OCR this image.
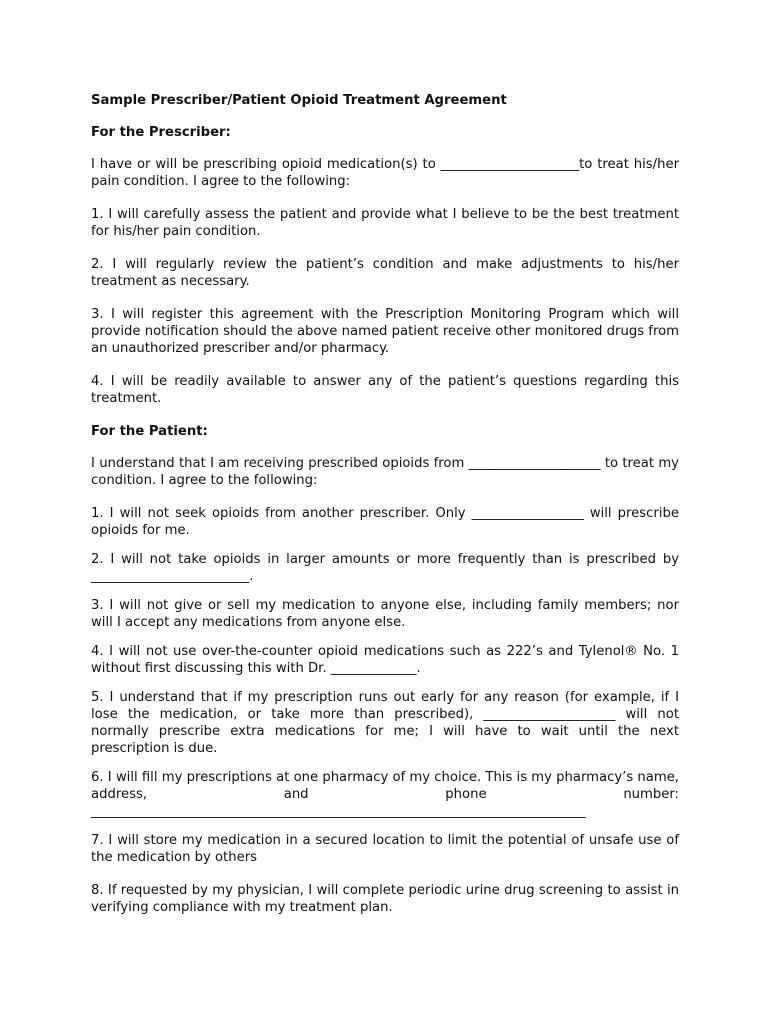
Sample Prescriber/Patient Opioid Treatment Agreement
For the Prescriber:

I have or will be prescribing opioid medication(s) to _____________________to treat his/her pain condition. I agree to the following:

1. I will carefully assess the patient and provide what I believe to be the best treatment for his/her pain condition.

2. I will regularly review the patient’s condition and make adjustments to his/her treatment as necessary.

3. I will register this agreement with the Prescription Monitoring Program which will provide notification should the above named patient receive other monitored drugs from an unauthorized prescriber and/or pharmacy.

4. I will be readily available to answer any of the patient’s questions regarding this treatment.

For the Patient:

I understand that I am receiving prescribed opioids from ____________________ to treat my condition. I agree to the following:

1. I will not seek opioids from another prescriber. Only _________________ will prescribe opioids for me.

2. I will not take opioids in larger amounts or more frequently than is prescribed by ________________________.

3. I will not give or sell my medication to anyone else, including family members; nor will I accept any medications from anyone else.

4. I will not use over-the-counter opioid medications such as 222’s and Tylenol® No. 1 without first discussing this with Dr. _____________.

5. I understand that if my prescription runs out early for any reason (for example, if I lose the medication, or take more than prescribed), ____________________ will not normally prescribe extra medications for me; I will have to wait until the next prescription is due.

6. I will fill my prescriptions at one pharmacy of my choice. This is my pharmacy’s name, address, and phone number: ___________________________________________________________________________

7. I will store my medication in a secured location to limit the potential of unsafe use of the medication by others

8. If requested by my physician, I will complete periodic urine drug screening to assist in verifying compliance with my treatment plan.
